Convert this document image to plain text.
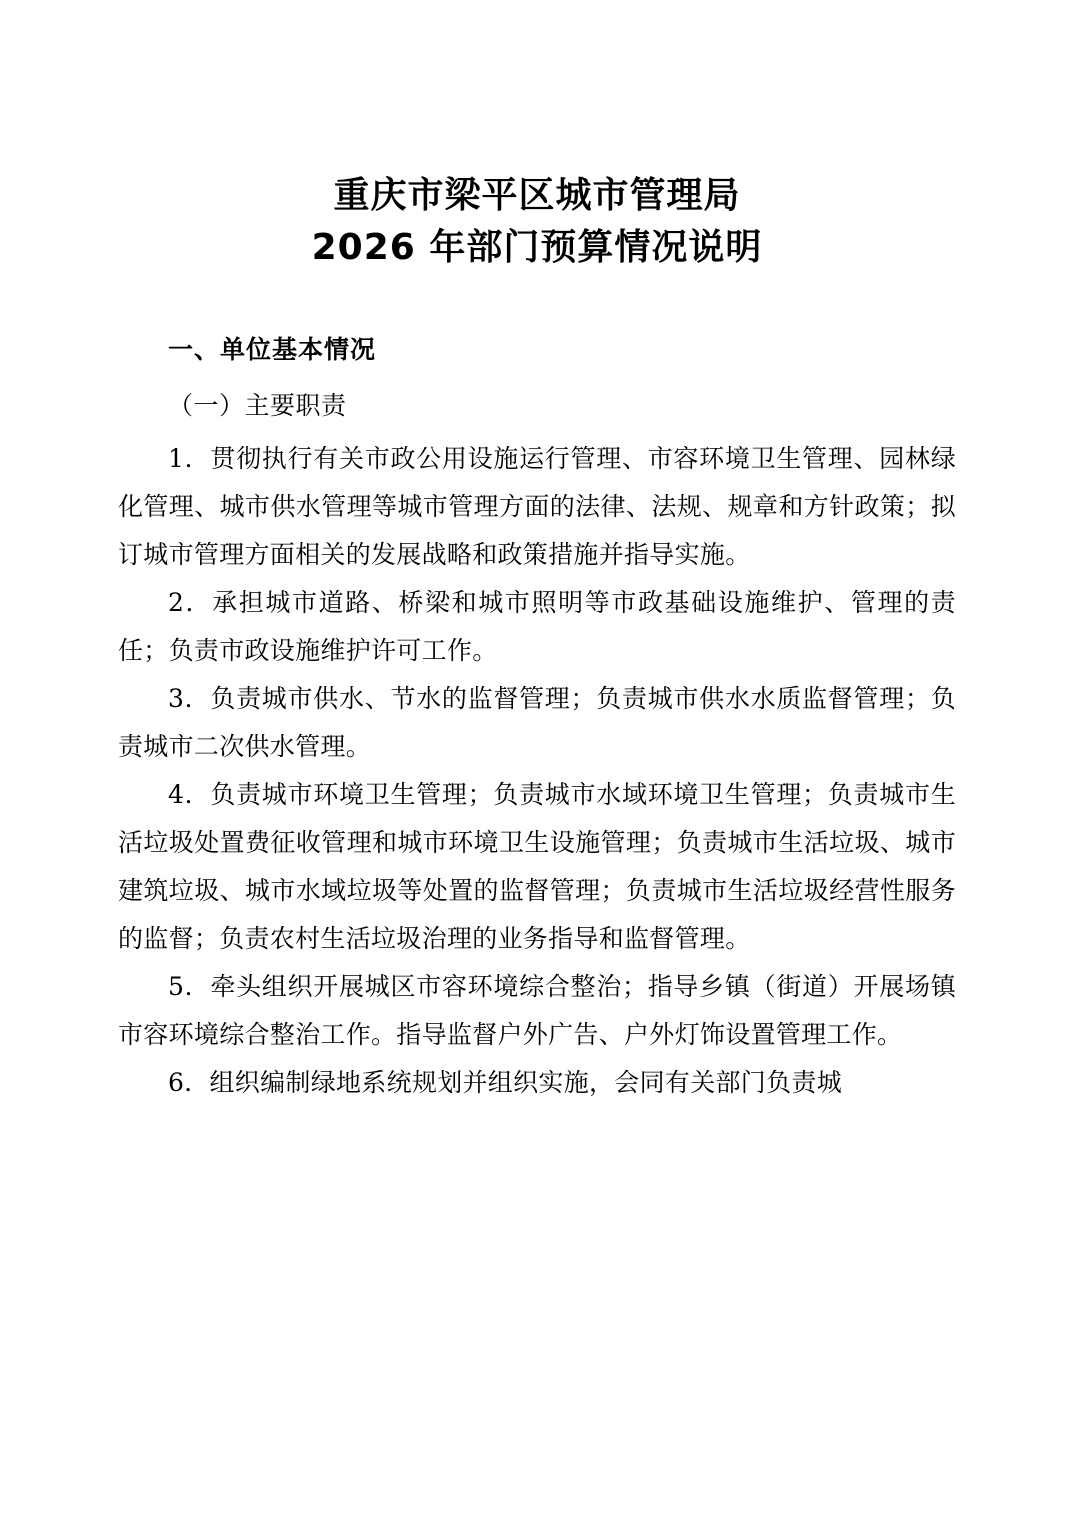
重庆市梁平区城市管理局
2026 年部门预算情况说明
一、单位基本情况
（一）主要职责

1．贯彻执行有关市政公用设施运行管理、市容环境卫生管理、园林绿化管理、城市供水管理等城市管理方面的法律、法规、规章和方针政策；拟订城市管理方面相关的发展战略和政策措施并指导实施。

2．承担城市道路、桥梁和城市照明等市政基础设施维护、管理的责任；负责市政设施维护许可工作。

3．负责城市供水、节水的监督管理；负责城市供水水质监督管理；负责城市二次供水管理。

4．负责城市环境卫生管理；负责城市水域环境卫生管理；负责城市生活垃圾处置费征收管理和城市环境卫生设施管理；负责城市生活垃圾、城市建筑垃圾、城市水域垃圾等处置的监督管理；负责城市生活垃圾经营性服务的监督；负责农村生活垃圾治理的业务指导和监督管理。

5．牵头组织开展城区市容环境综合整治；指导乡镇（街道）开展场镇市容环境综合整治工作。指导监督户外广告、户外灯饰设置管理工作。

6．组织编制绿地系统规划并组织实施，会同有关部门负责城
